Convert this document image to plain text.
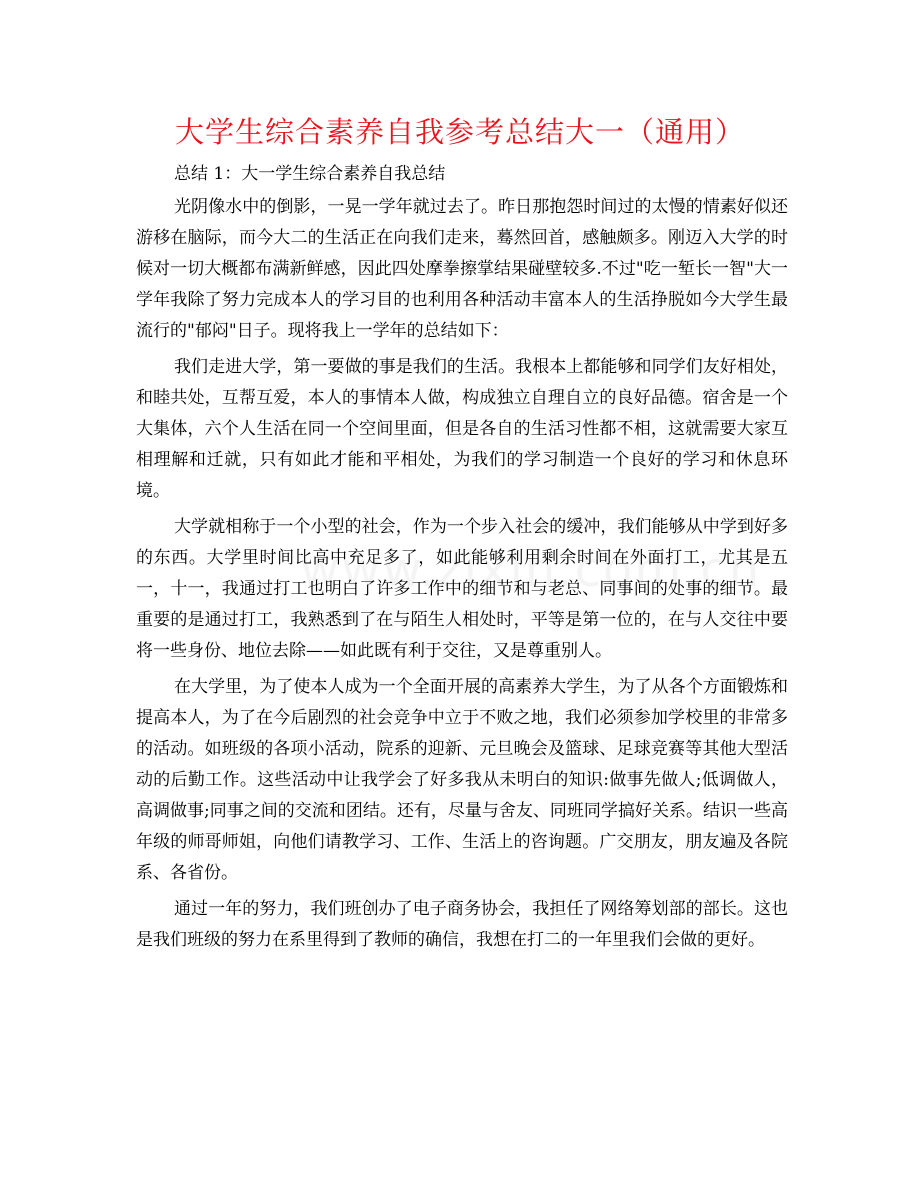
大学生综合素养自我参考总结大一（通用）
总结 1：大一学生综合素养自我总结

光阴像水中的倒影，一晃一学年就过去了。昨日那抱怨时间过的太慢的情素好似还游移在脑际，而今大二的生活正在向我们走来，蓦然回首，感触颇多。刚迈入大学的时候对一切大概都布满新鲜感，因此四处摩拳擦掌结果碰壁较多.不过"吃一堑长一智"大一学年我除了努力完成本人的学习目的也利用各种活动丰富本人的生活挣脱如今大学生最流行的"郁闷"日子。现将我上一学年的总结如下：

我们走进大学，第一要做的事是我们的生活。我根本上都能够和同学们友好相处，和睦共处，互帮互爱，本人的事情本人做，构成独立自理自立的良好品德。宿舍是一个大集体，六个人生活在同一个空间里面，但是各自的生活习性都不相，这就需要大家互相理解和迁就，只有如此才能和平相处，为我们的学习制造一个良好的学习和休息环境。

大学就相称于一个小型的社会，作为一个步入社会的缓冲，我们能够从中学到好多的东西。大学里时间比高中充足多了，如此能够利用剩余时间在外面打工，尤其是五一，十一，我通过打工也明白了许多工作中的细节和与老总、同事间的处事的细节。最重要的是通过打工，我熟悉到了在与陌生人相处时，平等是第一位的，在与人交往中要将一些身份、地位去除——如此既有利于交往，又是尊重别人。

在大学里，为了使本人成为一个全面开展的高素养大学生，为了从各个方面锻炼和提高本人，为了在今后剧烈的社会竞争中立于不败之地，我们必须参加学校里的非常多的活动。如班级的各项小活动，院系的迎新、元旦晚会及篮球、足球竞赛等其他大型活动的后勤工作。这些活动中让我学会了好多我从未明白的知识:做事先做人;低调做人，高调做事;同事之间的交流和团结。还有，尽量与舍友、同班同学搞好关系。结识一些高年级的师哥师姐，向他们请教学习、工作、生活上的咨询题。广交朋友，朋友遍及各院系、各省份。

通过一年的努力，我们班创办了电子商务协会，我担任了网络筹划部的部长。这也是我们班级的努力在系里得到了教师的确信，我想在打二的一年里我们会做的更好。
